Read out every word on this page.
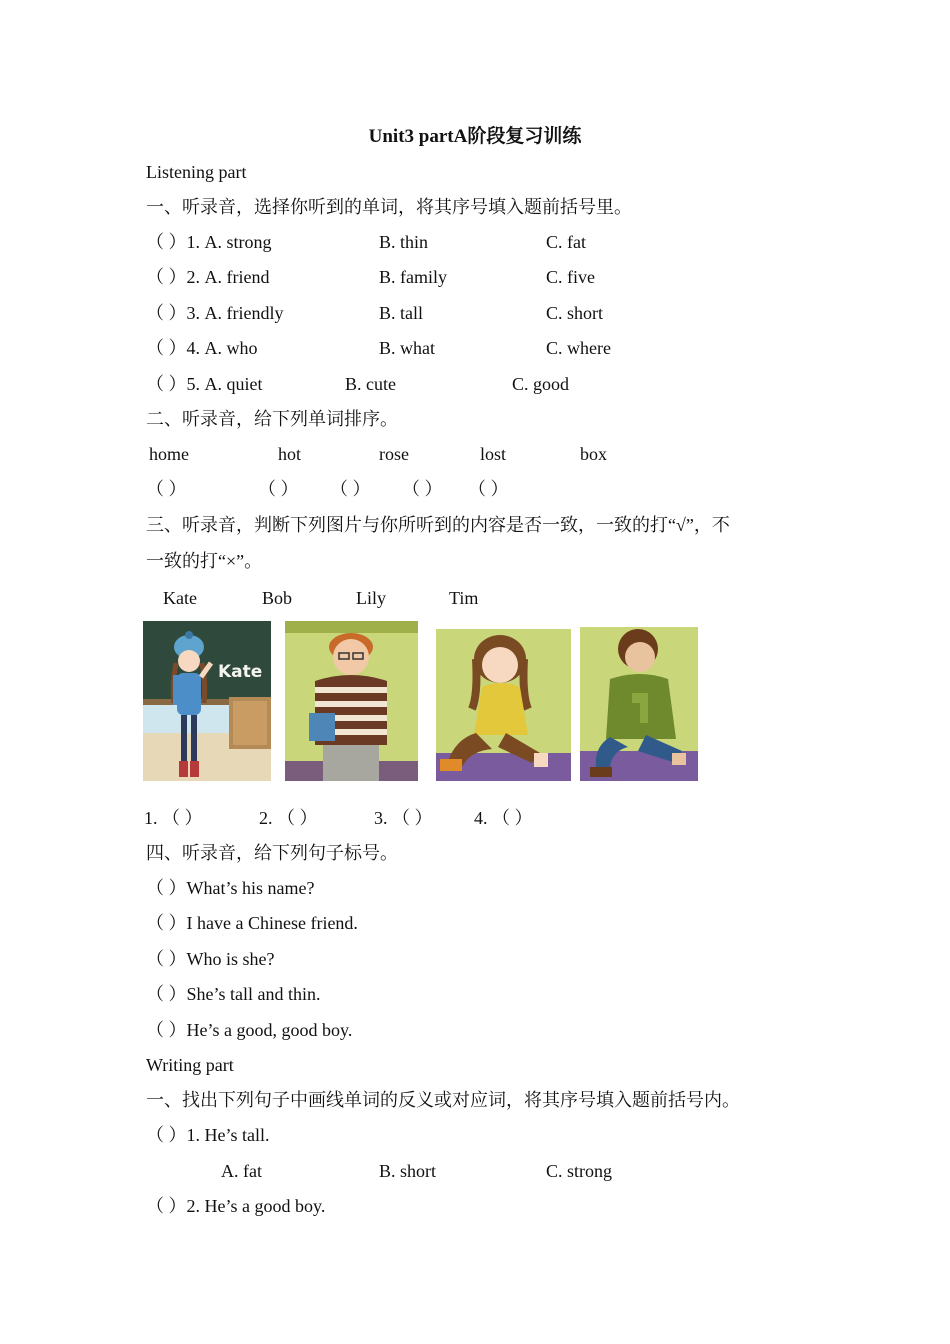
Unit3 partA阶段复习训练
Listening part
一、听录音，选择你听到的单词，将其序号填入题前括号里。
（ ）1. A. strong	B. thin	C. fat
（ ）2. A. friend	B. family	C. five
（ ）3. A. friendly	B. tall	C. short
（ ）4. A. who	B. what	C. where
（ ）5. A. quiet	B. cute	C. good
二、听录音，给下列单词排序。
home	hot	rose	lost	box
（ ）	（ ） （ ） （ ） （ ）
三、听录音，判断下列图片与你所听到的内容是否一致，一致的打“√”，不
一致的打“×”。
Kate	Bob	Lily	Tim
Kate
1. （ ）	2. （ ）	3. （ ） 4. （ ）
四、听录音，给下列句子标号。
（ ）What’s his name?
（ ）I have a Chinese friend.
（ ）Who is she?
（ ）She’s tall and thin.
（ ）He’s a good, good boy.
Writing part
一、找出下列句子中画线单词的反义或对应词，将其序号填入题前括号内。
（ ）1. He’s tall.
A. fat	B. short	C. strong
（ ）2. He’s a good boy.
